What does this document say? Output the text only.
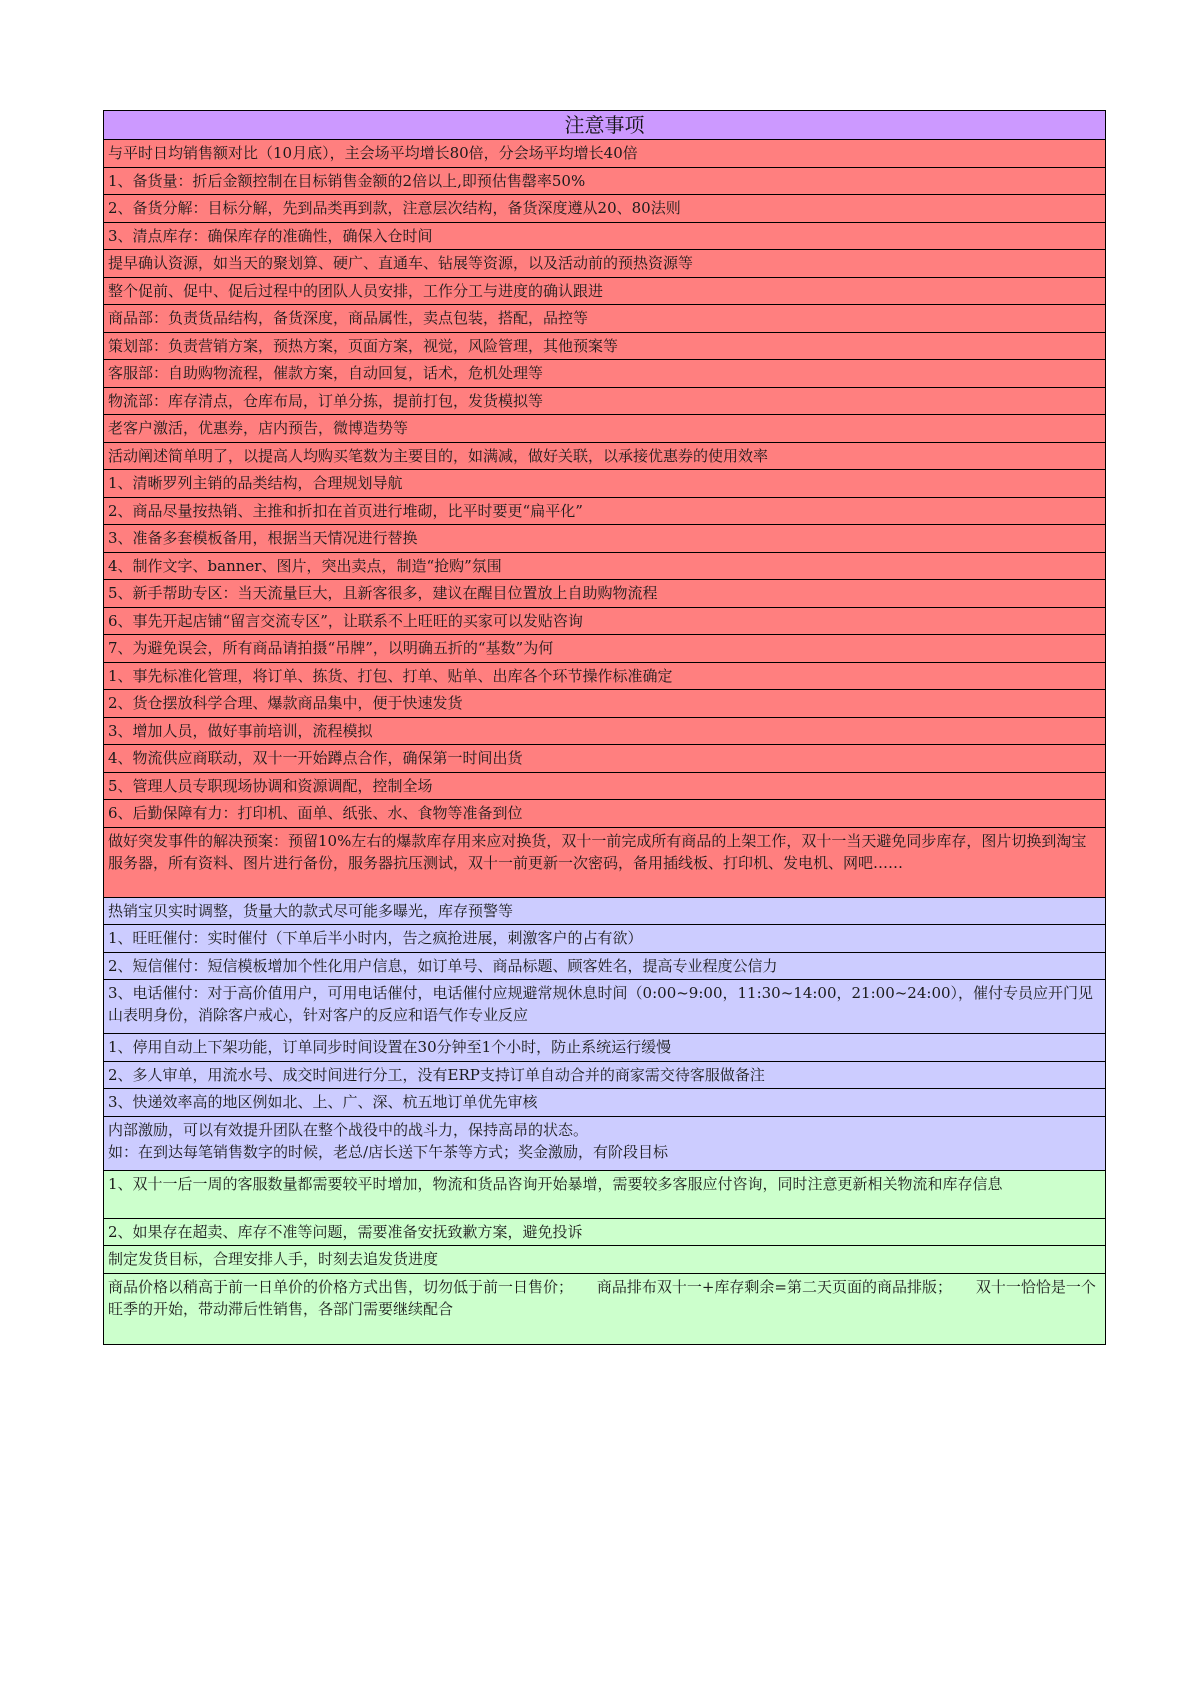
注意事项
与平时日均销售额对比（10月底），主会场平均增长80倍，分会场平均增长40倍
1、备货量：折后金额控制在目标销售金额的2倍以上,即预估售罄率50%
2、备货分解：目标分解，先到品类再到款，注意层次结构，备货深度遵从20、80法则
3、清点库存：确保库存的准确性，确保入仓时间
提早确认资源，如当天的聚划算、硬广、直通车、钻展等资源，以及活动前的预热资源等
整个促前、促中、促后过程中的团队人员安排，工作分工与进度的确认跟进
商品部：负责货品结构，备货深度，商品属性，卖点包装，搭配，品控等
策划部：负责营销方案，预热方案，页面方案，视觉，风险管理，其他预案等
客服部：自助购物流程，催款方案，自动回复，话术，危机处理等
物流部：库存清点，仓库布局，订单分拣，提前打包，发货模拟等
老客户激活，优惠券，店内预告，微博造势等
活动阐述简单明了，以提高人均购买笔数为主要目的，如满减，做好关联，以承接优惠券的使用效率
1、清晰罗列主销的品类结构，合理规划导航
2、商品尽量按热销、主推和折扣在首页进行堆砌，比平时要更“扁平化”
3、准备多套模板备用，根据当天情况进行替换
4、制作文字、banner、图片，突出卖点，制造“抢购”氛围
5、新手帮助专区：当天流量巨大，且新客很多，建议在醒目位置放上自助购物流程
6、事先开起店铺“留言交流专区”，让联系不上旺旺的买家可以发贴咨询
7、为避免误会，所有商品请拍摄“吊牌”，以明确五折的“基数”为何
1、事先标准化管理，将订单、拣货、打包、打单、贴单、出库各个环节操作标准确定
2、货仓摆放科学合理、爆款商品集中，便于快速发货
3、增加人员，做好事前培训，流程模拟
4、物流供应商联动，双十一开始蹲点合作，确保第一时间出货
5、管理人员专职现场协调和资源调配，控制全场
6、后勤保障有力：打印机、面单、纸张、水、食物等准备到位
做好突发事件的解决预案：预留10%左右的爆款库存用来应对换货，双十一前完成所有商品的上架工作，双十一当天避免同步库存，图片切换到淘宝服务器，所有资料、图片进行备份，服务器抗压测试，双十一前更新一次密码，备用插线板、打印机、发电机、网吧……
热销宝贝实时调整，货量大的款式尽可能多曝光，库存预警等
1、旺旺催付：实时催付（下单后半小时内，告之疯抢进展，刺激客户的占有欲）
2、短信催付：短信模板增加个性化用户信息，如订单号、商品标题、顾客姓名，提高专业程度公信力
3、电话催付：对于高价值用户，可用电话催付，电话催付应规避常规休息时间（0:00~9:00，11:30~14:00，21:00~24:00），催付专员应开门见山表明身份，消除客户戒心，针对客户的反应和语气作专业反应
1、停用自动上下架功能，订单同步时间设置在30分钟至1个小时，防止系统运行缓慢
2、多人审单，用流水号、成交时间进行分工，没有ERP支持订单自动合并的商家需交待客服做备注
3、快递效率高的地区例如北、上、广、深、杭五地订单优先审核
内部激励，可以有效提升团队在整个战役中的战斗力，保持高昂的状态。
如：在到达每笔销售数字的时候，老总/店长送下午茶等方式；奖金激励，有阶段目标
1、双十一后一周的客服数量都需要较平时增加，物流和货品咨询开始暴增，需要较多客服应付咨询，同时注意更新相关物流和库存信息
2、如果存在超卖、库存不准等问题，需要准备安抚致歉方案，避免投诉
制定发货目标，合理安排人手，时刻去追发货进度
商品价格以稍高于前一日单价的价格方式出售，切勿低于前一日售价；     商品排布双十一+库存剩余=第二天页面的商品排版；     双十一恰恰是一个旺季的开始，带动滞后性销售，各部门需要继续配合
